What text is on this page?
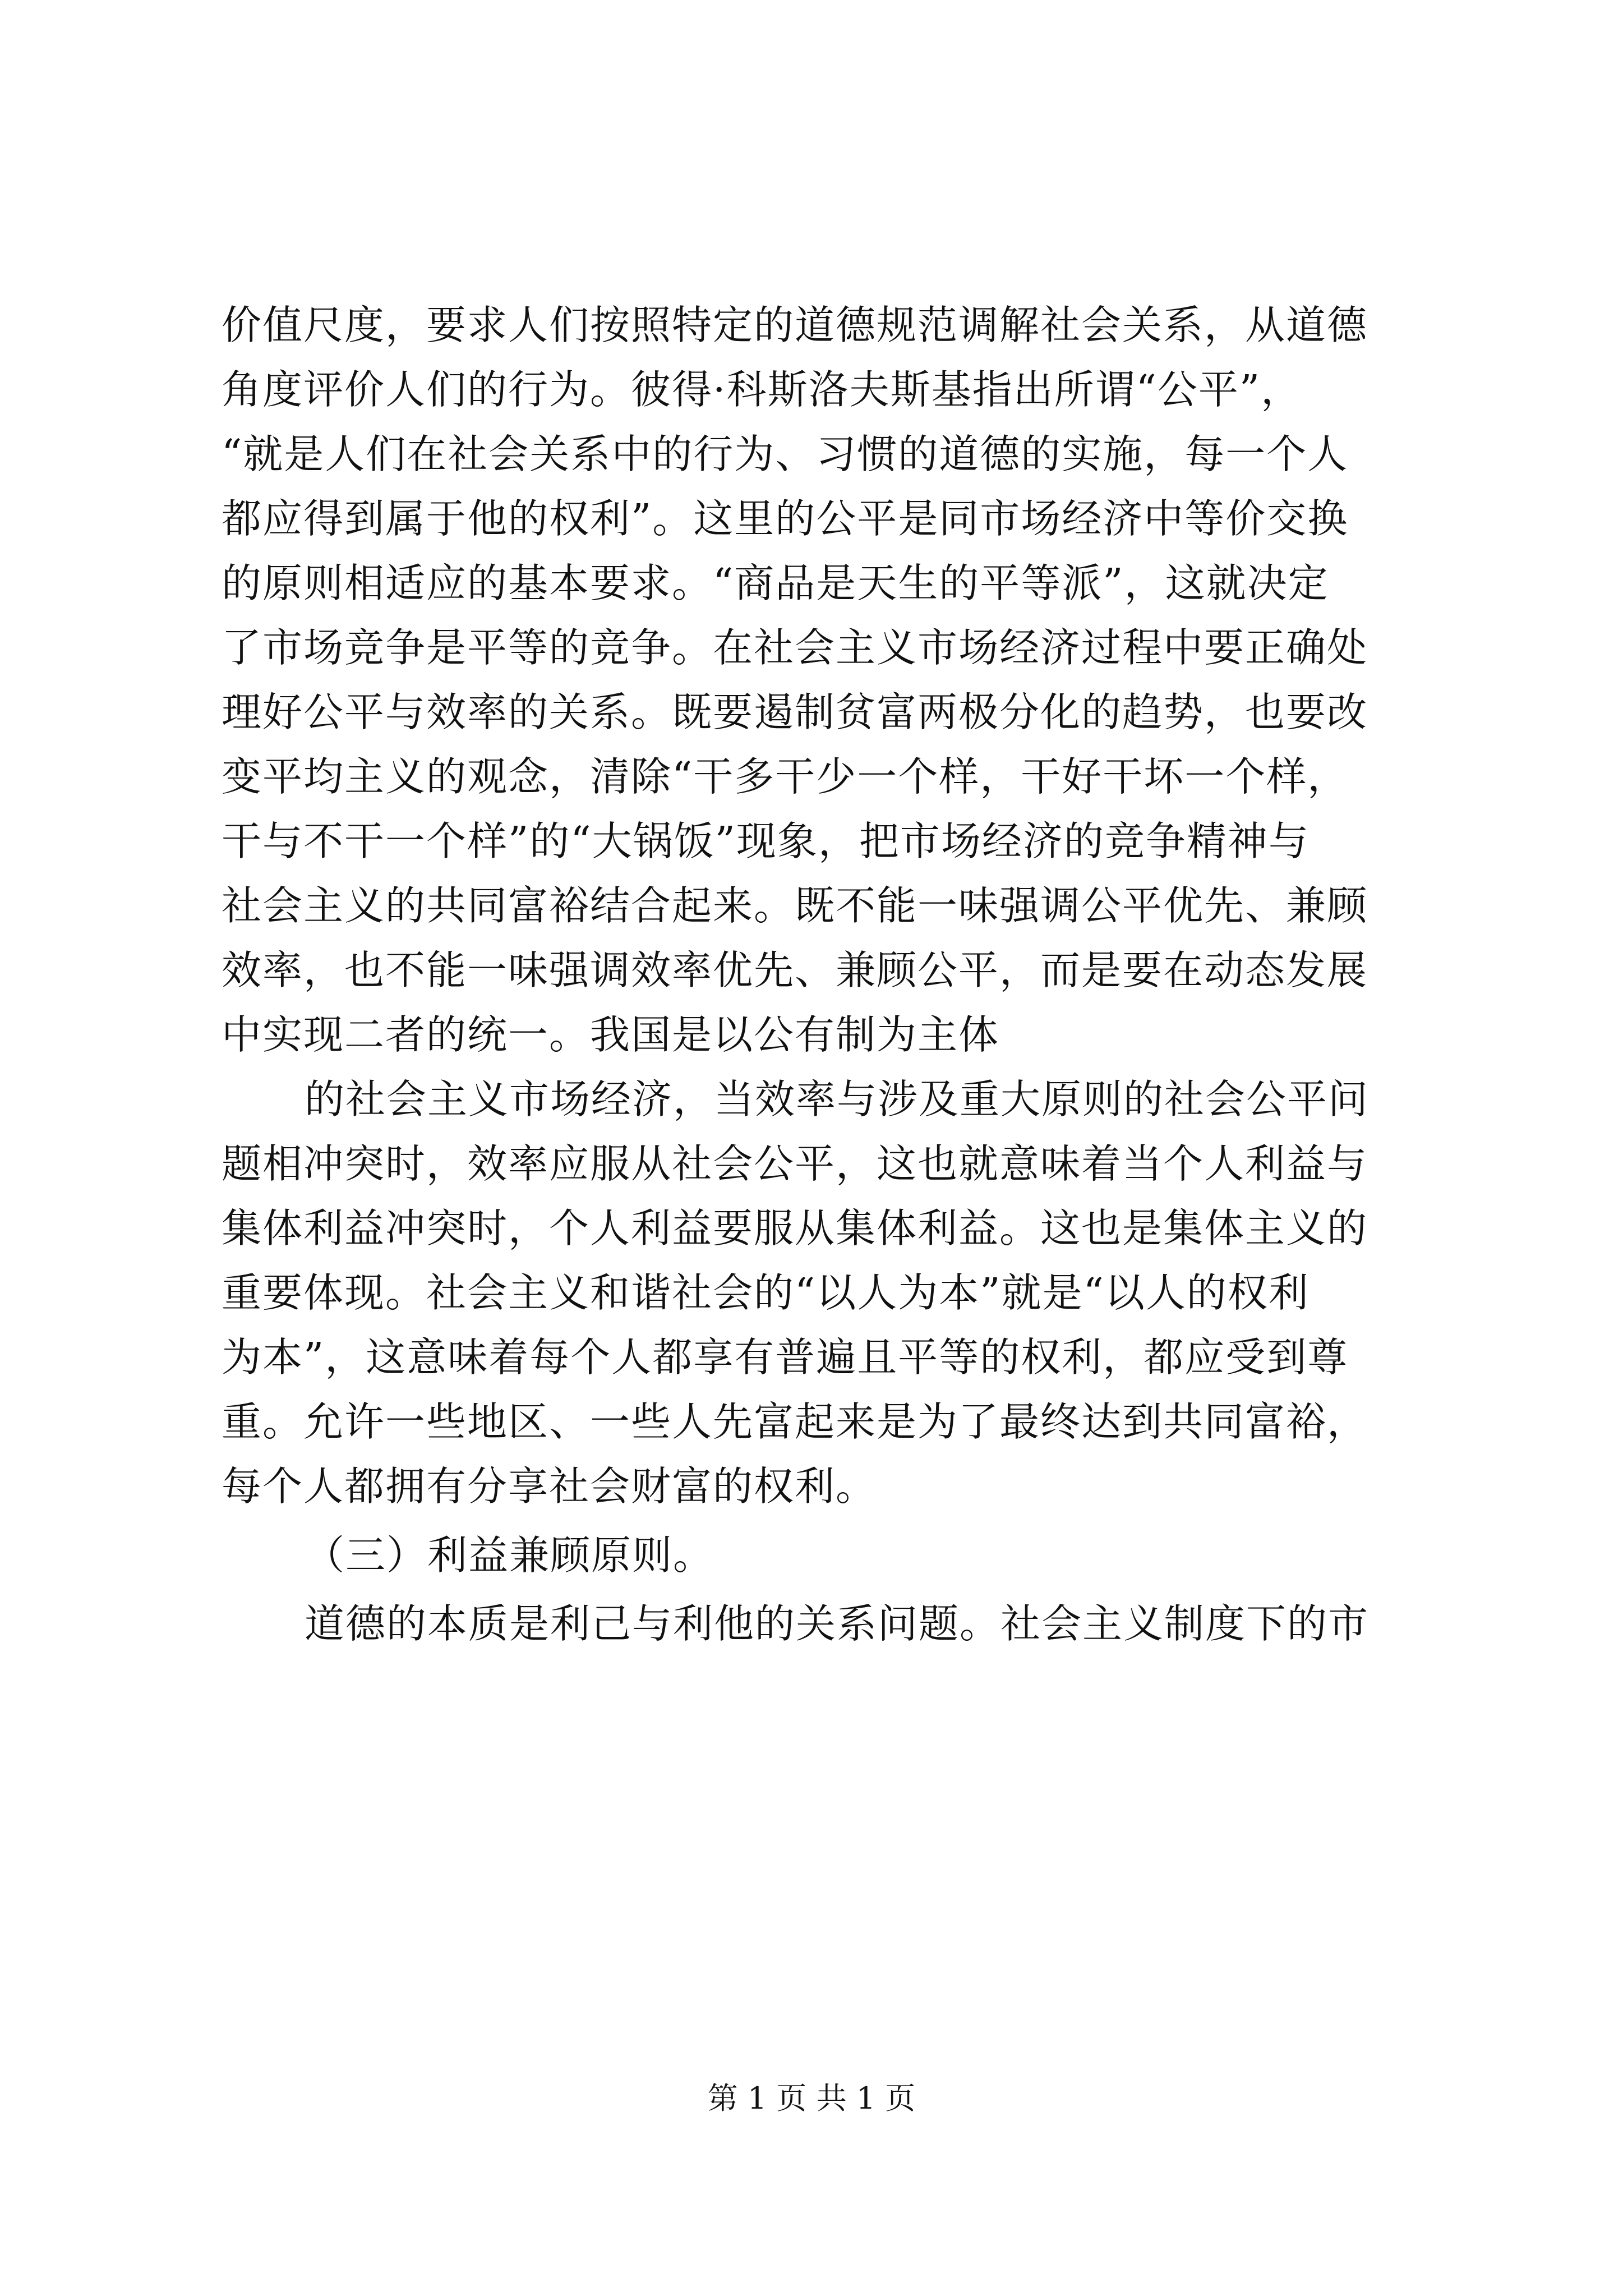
价值尺度，要求人们按照特定的道德规范调解社会关系，从道德
角度评价人们的行为。彼得·科斯洛夫斯基指出所谓“公平”，
“就是人们在社会关系中的行为、习惯的道德的实施，每一个人
都应得到属于他的权利”。这里的公平是同市场经济中等价交换
的原则相适应的基本要求。“商品是天生的平等派”，这就决定
了市场竞争是平等的竞争。在社会主义市场经济过程中要正确处
理好公平与效率的关系。既要遏制贫富两极分化的趋势，也要改
变平均主义的观念，清除“干多干少一个样，干好干坏一个样，
干与不干一个样”的“大锅饭”现象，把市场经济的竞争精神与
社会主义的共同富裕结合起来。既不能一味强调公平优先、兼顾
效率，也不能一味强调效率优先、兼顾公平，而是要在动态发展
中实现二者的统一。我国是以公有制为主体
的社会主义市场经济，当效率与涉及重大原则的社会公平问
题相冲突时，效率应服从社会公平，这也就意味着当个人利益与
集体利益冲突时，个人利益要服从集体利益。这也是集体主义的
重要体现。社会主义和谐社会的“以人为本”就是“以人的权利
为本”，这意味着每个人都享有普遍且平等的权利，都应受到尊
重。允许一些地区、一些人先富起来是为了最终达到共同富裕，
每个人都拥有分享社会财富的权利。
（三）利益兼顾原则。
道德的本质是利己与利他的关系问题。社会主义制度下的市
第 1 页 共 1 页
